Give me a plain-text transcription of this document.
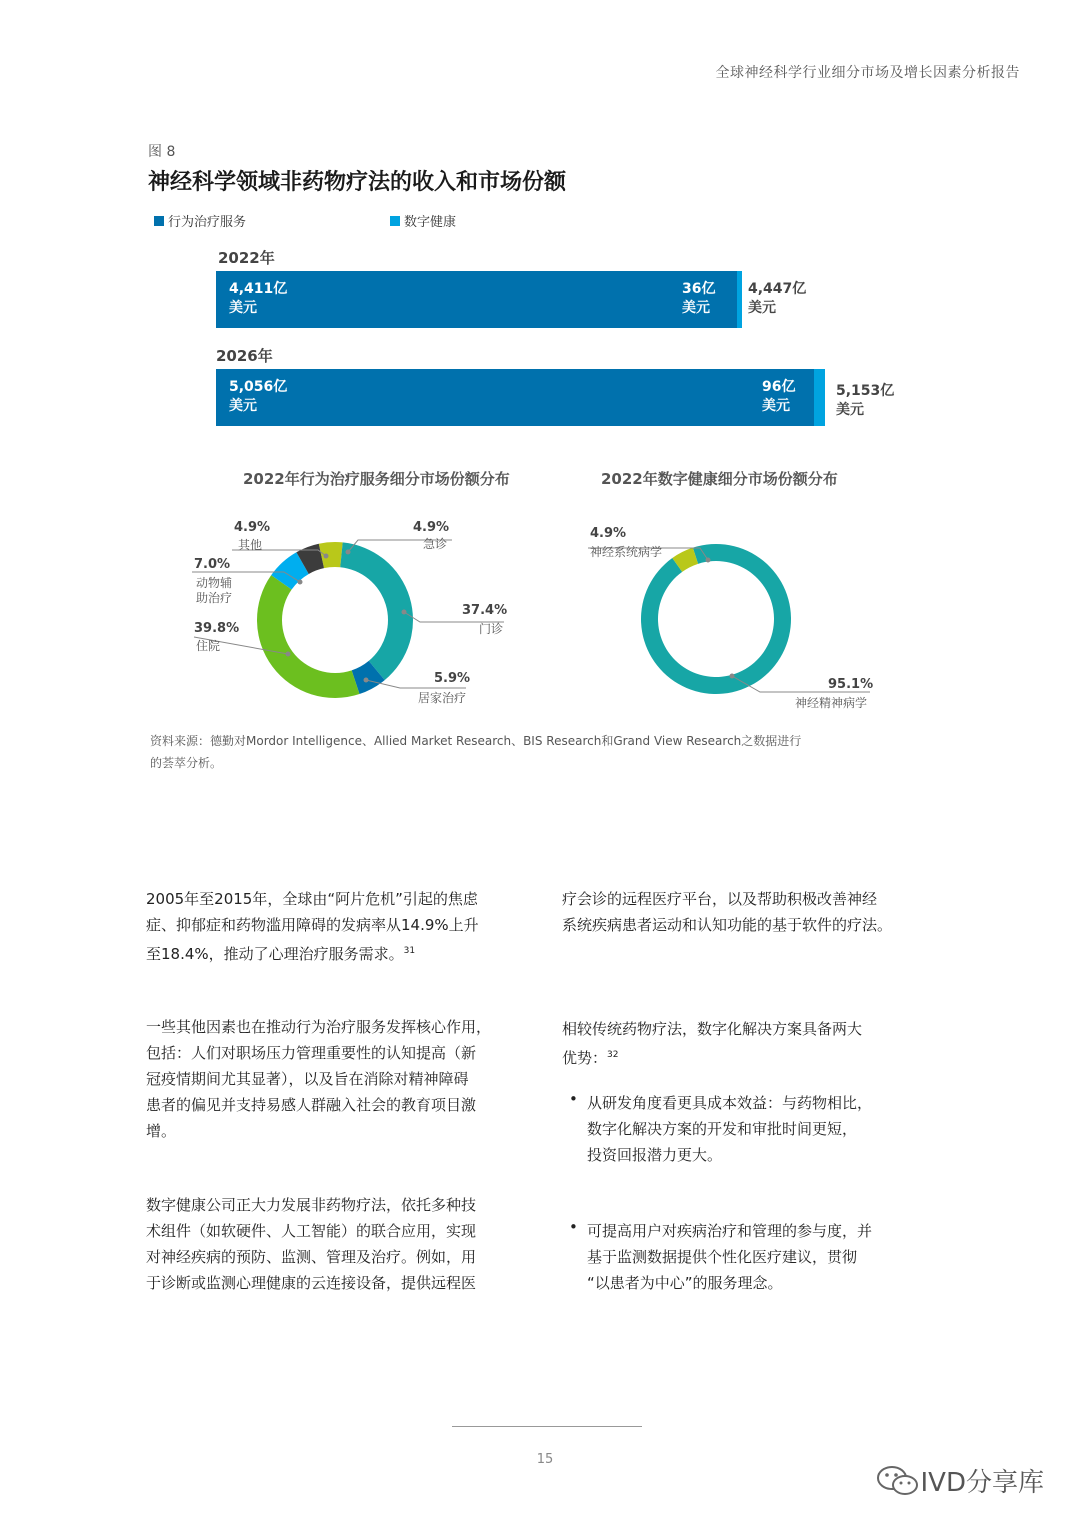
全球神经科学行业细分市场及增长因素分析报告
图 8
神经科学领域非药物疗法的收入和市场份额
行为治疗服务	数字健康
2022年
2026年
4,411亿
美元
36亿
美元
4,447亿
美元
5,056亿
美元
96亿
美元
5,153亿
美元
2022年行为治疗服务细分市场份额分布	2022年数字健康细分市场份额分布
4.9%
其他
4.9%
急诊
7.0%
动物辅
助治疗
37.4%
门诊
39.8%
住院
5.9%
居家治疗
4.9%
神经系统病学
95.1%
神经精神病学
资料来源：德勤对Mordor Intelligence、Allied Market Research、BIS Research和Grand View Research之数据进行
的荟萃分析。
2005年至2015年，全球由“阿片危机”引起的焦虑
症、抑郁症和药物滥用障碍的发病率从14.9%上升
至18.4%，推动了心理治疗服务需求。$^{31}$
一些其他因素也在推动行为治疗服务发挥核心作用，
包括：人们对职场压力管理重要性的认知提高（新
冠疫情期间尤其显著），以及旨在消除对精神障碍
患者的偏见并支持易感人群融入社会的教育项目激
增。
数字健康公司正大力发展非药物疗法，依托多种技
术组件（如软硬件、人工智能）的联合应用，实现
对神经疾病的预防、监测、管理及治疗。例如，用
于诊断或监测心理健康的云连接设备，提供远程医
疗会诊的远程医疗平台，以及帮助积极改善神经
系统疾病患者运动和认知功能的基于软件的疗法。
相较传统药物疗法，数字化解决方案具备两大
优势：$^{32}$
• 从研发角度看更具成本效益：与药物相比，
数字化解决方案的开发和审批时间更短，
投资回报潜力更大。
• 可提高用户对疾病治疗和管理的参与度，并
基于监测数据提供个性化医疗建议，贯彻
“以患者为中心”的服务理念。
15
IVD分享库
